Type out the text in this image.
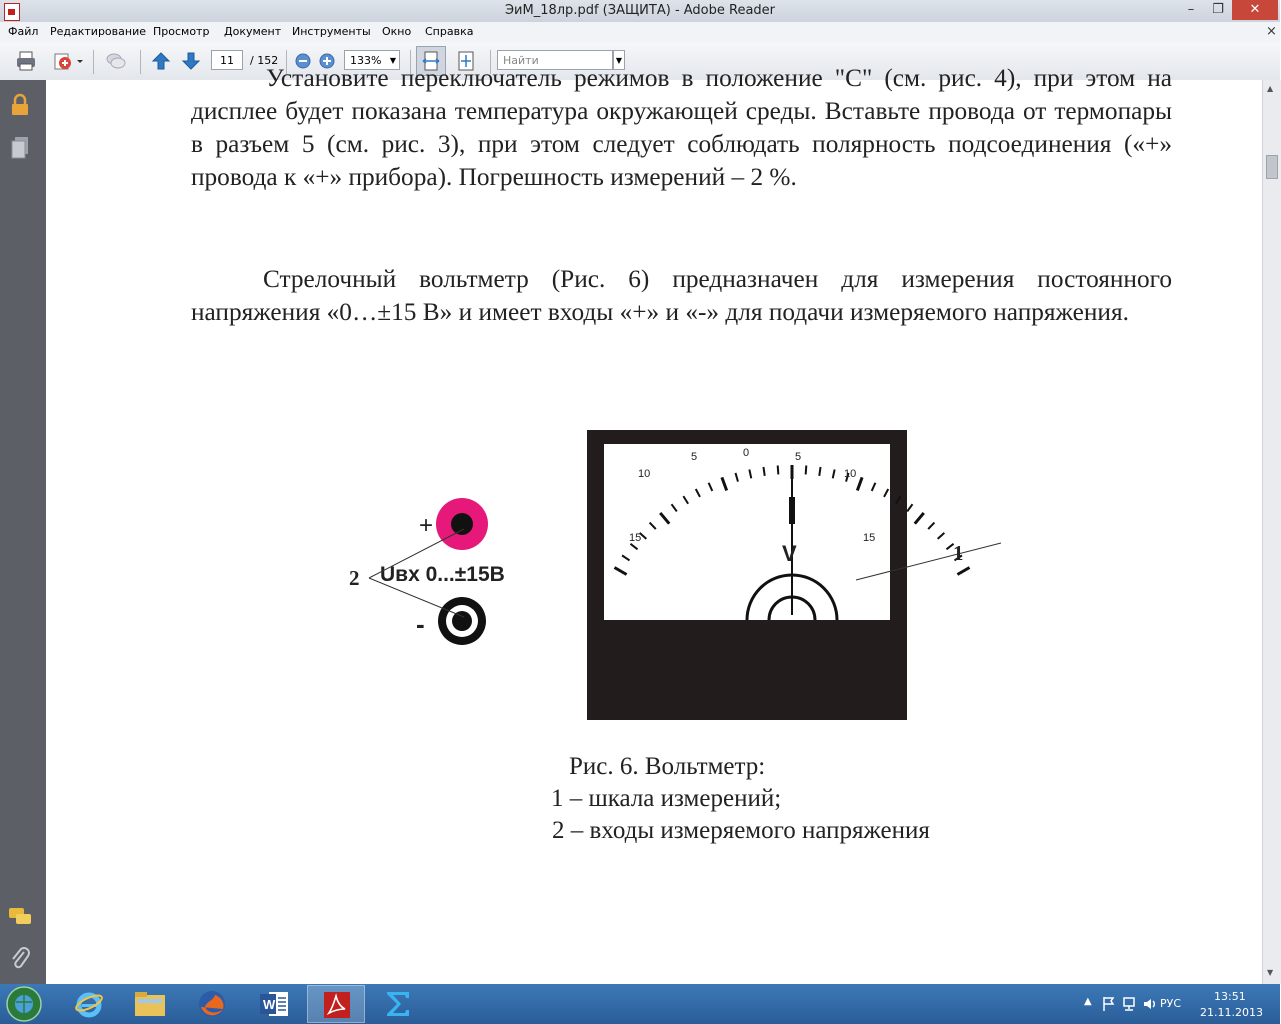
ЭиМ_18лр.pdf (ЗАЩИТА) - Adobe Reader	–	❐	✕
Файл Редактирование Просмотр Документ Инструменты Окно Справка	×
11	/ 152	133% ▼	Найти	▼

Установите переключатель режимов в положение "С" (см. рис. 4), при этом на дисплее будет показана температура окружающей среды. Вставьте провода от термопары в разъем 5 (см. рис. 3), при этом следует соблюдать полярность подсоединения («+» провода к «+» прибора). Погрешность измерений – 2 %.

Стрелочный вольтметр (Рис. 6) предназначен для измерения постоянного напряжения «0…±15 В» и имеет входы «+» и «-» для подачи измеряемого напряжения.

+
-
Uвх 0...±15В
2
15
10
5	0	5
10
15
V	1
Рис. 6. Вольтметр:
1 – шкала измерений;
2 – входы измеряемого напряжения
▲
▼
W	▲	РУС
13:51
21.11.2013
